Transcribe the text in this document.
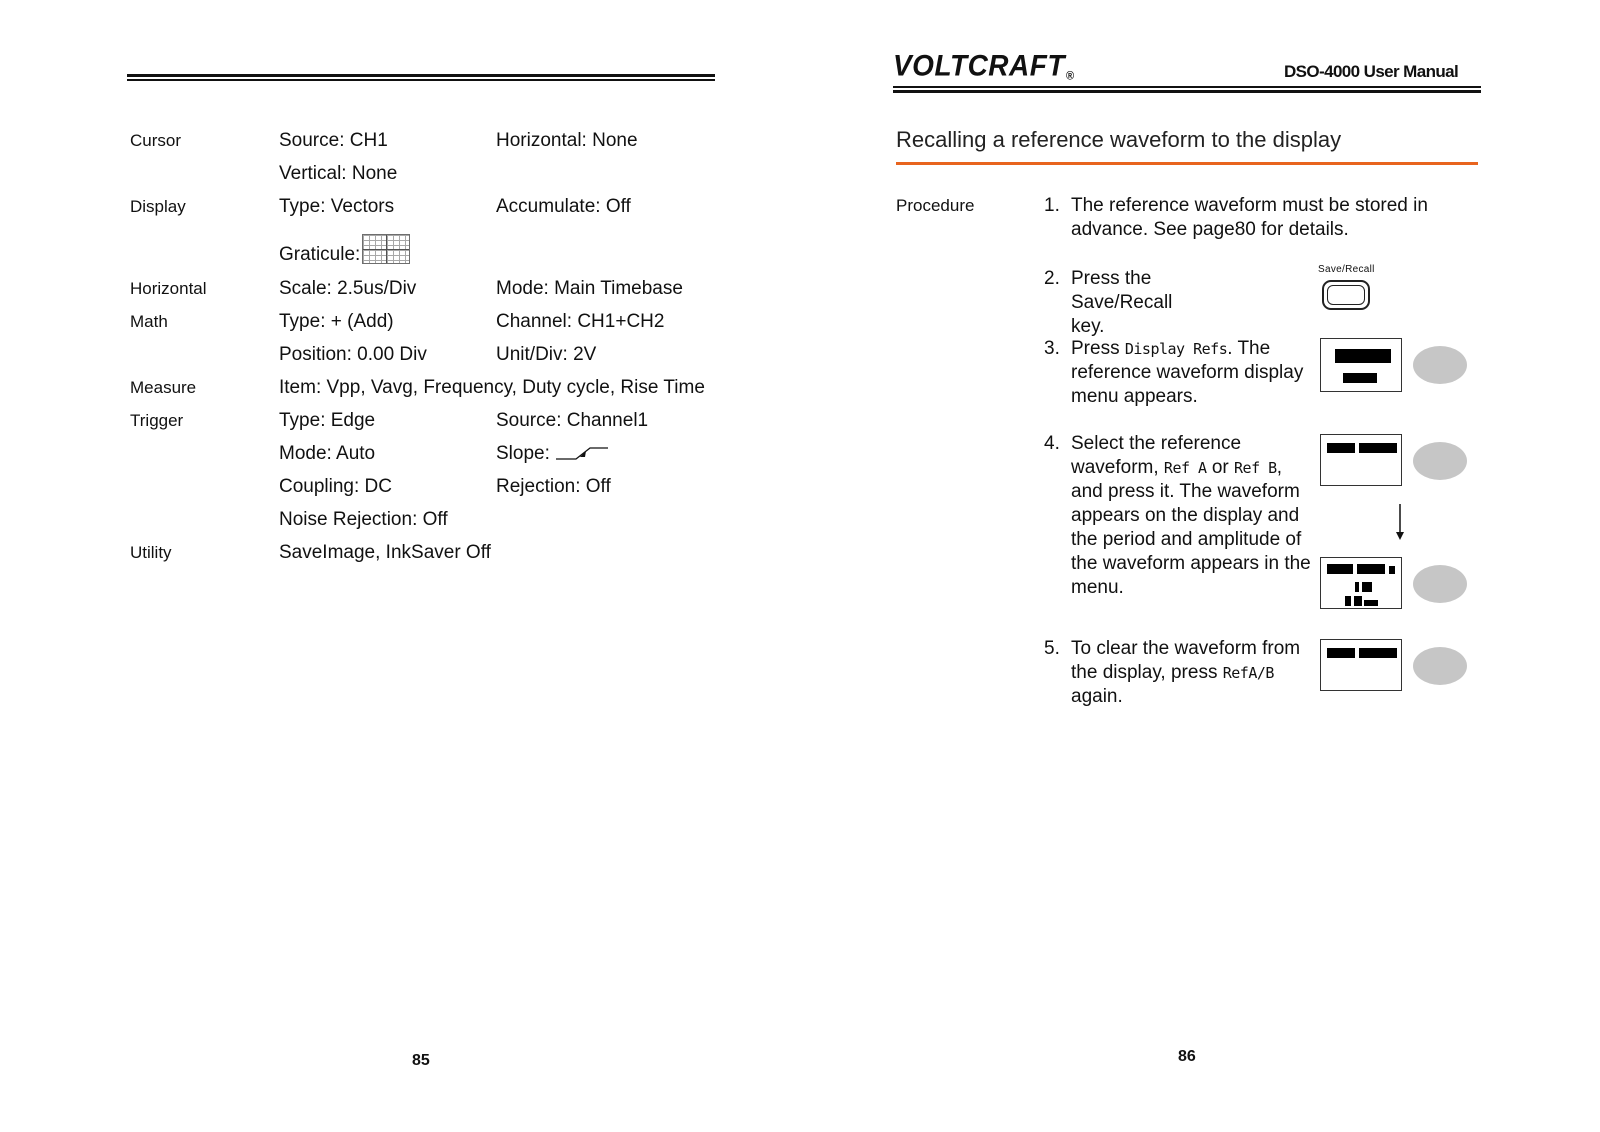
Cursor	Source: CH1	Horizontal: None
Vertical: None
Display	Type: Vectors	Accumulate: Off
Graticule:
Horizontal	Scale: 2.5us/Div	Mode: Main Timebase
Math	Type: + (Add)	Channel: CH1+CH2
Position: 0.00 Div	Unit/Div: 2V
Measure	Item: Vpp, Vavg, Frequency, Duty cycle, Rise Time
Trigger	Type: Edge	Source: Channel1
Mode: Auto	Slope:
Coupling: DC	Rejection: Off
Noise Rejection: Off
Utility	SaveImage, InkSaver Off
85
VOLTCRAFT®	DSO-4000 User Manual
Recalling a reference waveform to the display
Procedure	1. The reference waveform must be stored in
advance. See page80 for details.
2. Press the Save/Recall key.
Save/Recall
3. Press Display Refs. The
reference waveform display
menu appears.
4. Select the reference
waveform, Ref A or Ref B,
and press it. The waveform
appears on the display and
the period and amplitude of
the waveform appears in the
menu.
5. To clear the waveform from
the display, press RefA/B
again.
86
